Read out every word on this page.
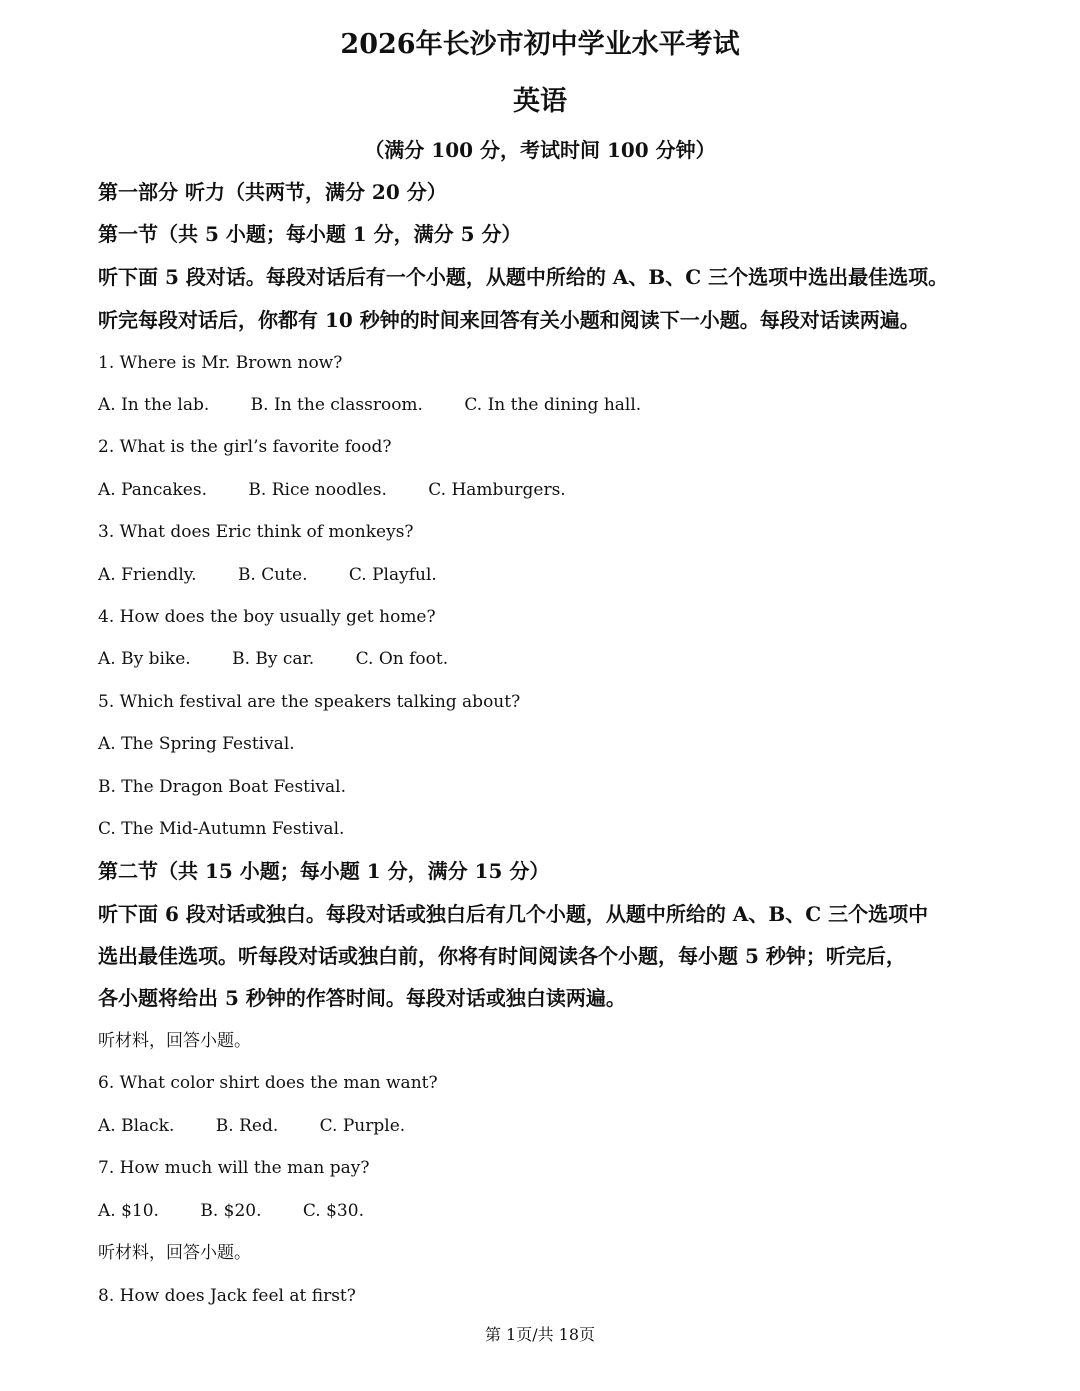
2026年长沙市初中学业水平考试
英语
（满分 100 分，考试时间 100 分钟）
第一部分 听力（共两节，满分 20 分）
第一节（共 5 小题；每小题 1 分，满分 5 分）
听下面 5 段对话。每段对话后有一个小题，从题中所给的 A、B、C 三个选项中选出最佳选项。
听完每段对话后，你都有 10 秒钟的时间来回答有关小题和阅读下一小题。每段对话读两遍。
1. Where is Mr. Brown now?
A. In the lab. B. In the classroom. C. In the dining hall.
2. What is the girl’s favorite food?
A. Pancakes. B. Rice noodles. C. Hamburgers.
3. What does Eric think of monkeys?
A. Friendly. B. Cute. C. Playful.
4. How does the boy usually get home?
A. By bike. B. By car. C. On foot.
5. Which festival are the speakers talking about?
A. The Spring Festival.
B. The Dragon Boat Festival.
C. The Mid-Autumn Festival.
第二节（共 15 小题；每小题 1 分，满分 15 分）
听下面 6 段对话或独白。每段对话或独白后有几个小题，从题中所给的 A、B、C 三个选项中
选出最佳选项。听每段对话或独白前，你将有时间阅读各个小题，每小题 5 秒钟；听完后，
各小题将给出 5 秒钟的作答时间。每段对话或独白读两遍。
听材料，回答小题。
6. What color shirt does the man want?
A. Black. B. Red. C. Purple.
7. How much will the man pay?
A. $10. B. $20. C. $30.
听材料，回答小题。
8. How does Jack feel at first?
第 1页/共 18页
